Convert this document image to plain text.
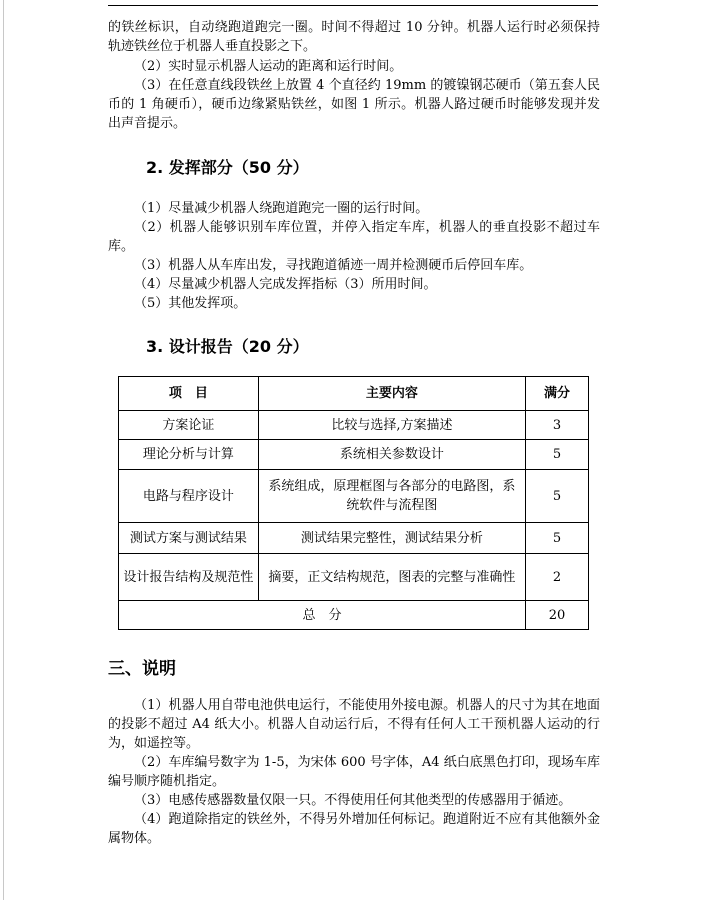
的铁丝标识，自动绕跑道跑完一圈。时间不得超过 10 分钟。机器人运行时必须保持轨迹铁丝位于机器人垂直投影之下。
（2）实时显示机器人运动的距离和运行时间。
（3）在任意直线段铁丝上放置 4 个直径约 19mm 的镀镍钢芯硬币（第五套人民币的 1 角硬币），硬币边缘紧贴铁丝，如图 1 所示。机器人路过硬币时能够发现并发出声音提示。
2. 发挥部分（50 分）
（1）尽量减少机器人绕跑道跑完一圈的运行时间。
（2）机器人能够识别车库位置，并停入指定车库，机器人的垂直投影不超过车库。
（3）机器人从车库出发，寻找跑道循迹一周并检测硬币后停回车库。
（4）尽量减少机器人完成发挥指标（3）所用时间。
（5）其他发挥项。
3. 设计报告（20 分）
项　目	主要内容	满分
方案论证	比较与选择,方案描述	3
理论分析与计算	系统相关参数设计	5
电路与程序设计	系统组成，原理框图与各部分的电路图，系统软件与流程图	5
测试方案与测试结果	测试结果完整性，测试结果分析	5
设计报告结构及规范性	摘要，正文结构规范，图表的完整与准确性	2
总　分		20
三、说明
（1）机器人用自带电池供电运行，不能使用外接电源。机器人的尺寸为其在地面的投影不超过 A4 纸大小。机器人自动运行后，不得有任何人工干预机器人运动的行为，如遥控等。
（2）车库编号数字为 1-5，为宋体 600 号字体，A4 纸白底黑色打印，现场车库编号顺序随机指定。
（3）电感传感器数量仅限一只。不得使用任何其他类型的传感器用于循迹。
（4）跑道除指定的铁丝外，不得另外增加任何标记。跑道附近不应有其他额外金属物体。
